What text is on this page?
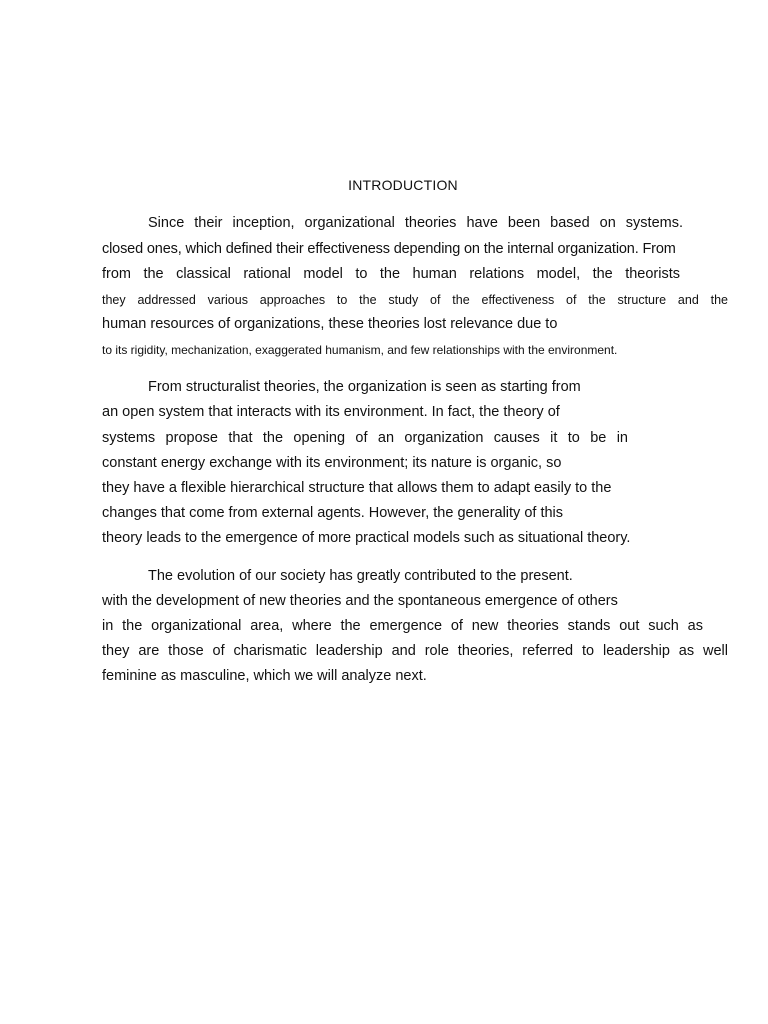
INTRODUCTION
Since their inception, organizational theories have been based on systems.
closed ones, which defined their effectiveness depending on the internal organization. From
from the classical rational model to the human relations model, the theorists
they addressed various approaches to the study of the effectiveness of the structure and the
human resources of organizations, these theories lost relevance due to
to its rigidity, mechanization, exaggerated humanism, and few relationships with the environment.
From structuralist theories, the organization is seen as starting from
an open system that interacts with its environment. In fact, the theory of
systems propose that the opening of an organization causes it to be in
constant energy exchange with its environment; its nature is organic, so
they have a flexible hierarchical structure that allows them to adapt easily to the
changes that come from external agents. However, the generality of this
theory leads to the emergence of more practical models such as situational theory.
The evolution of our society has greatly contributed to the present.
with the development of new theories and the spontaneous emergence of others
in the organizational area, where the emergence of new theories stands out such as
they are those of charismatic leadership and role theories, referred to leadership as well
feminine as masculine, which we will analyze next.
